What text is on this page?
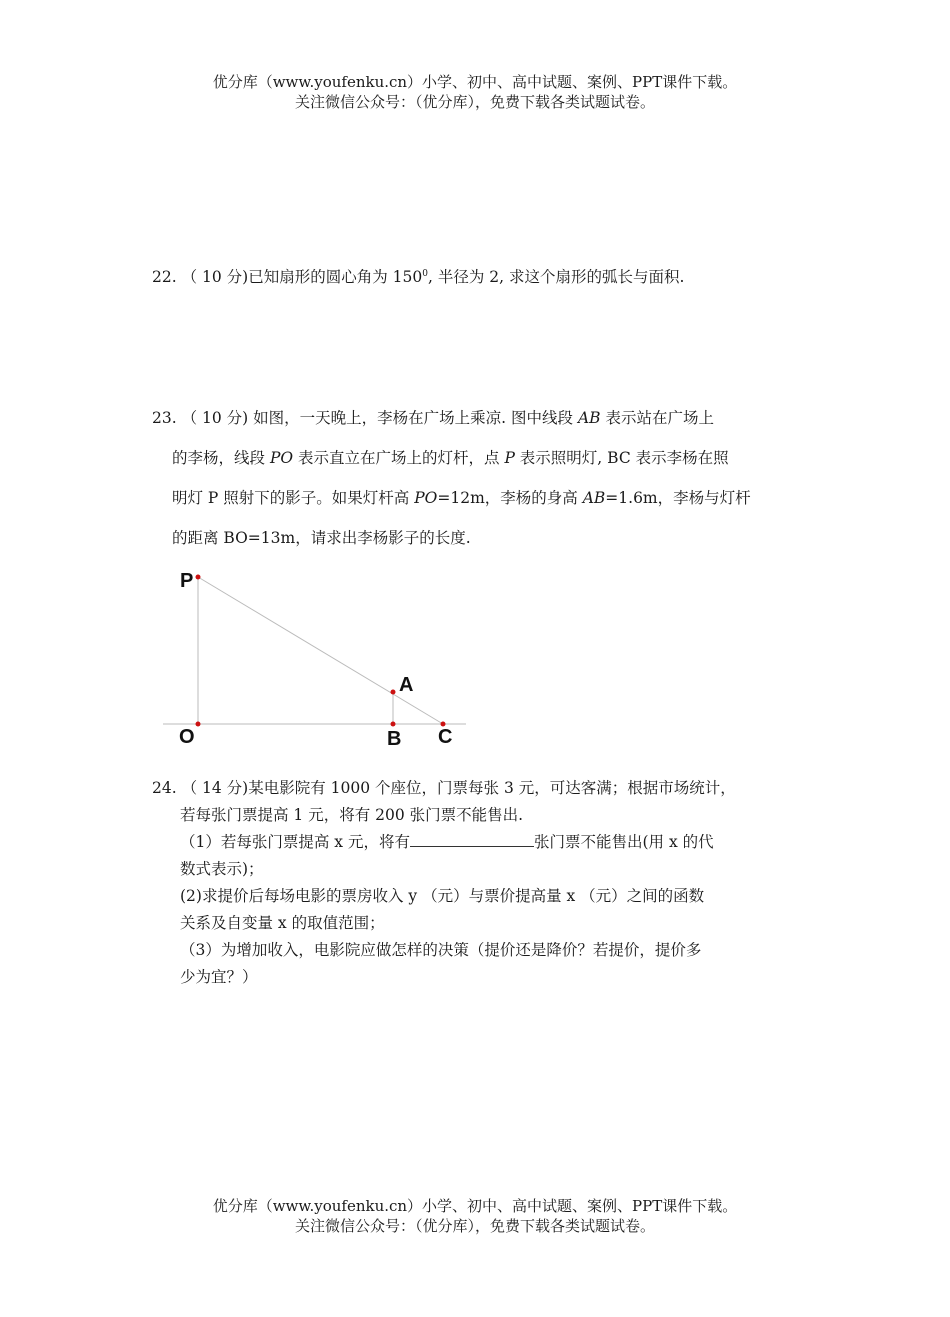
优分库（www.youfenku.cn）小学、初中、高中试题、案例、PPT课件下载。
关注微信公众号：（优分库），免费下载各类试题试卷。
22. （ 10 分)已知扇形的圆心角为 $150^0$, 半径为 2, 求这个扇形的弧长与面积.
23. （ 10 分) 如图，一天晚上，李杨在广场上乘凉. 图中线段 AB 表示站在广场上
的李杨，线段 PO 表示直立在广场上的灯杆，点 P 表示照明灯, BC 表示李杨在照
明灯 P 照射下的影子。如果灯杆高 PO=12m，李杨的身高 AB=1.6m，李杨与灯杆
的距离 BO=13m，请求出李杨影子的长度.
P
A
O	B C
24. （ 14 分)某电影院有 1000 个座位，门票每张 3 元，可达客满；根据市场统计，
若每张门票提高 1 元，将有 200 张门票不能售出.
（1）若每张门票提高 x 元，将有	张门票不能售出(用 x 的代
数式表示)；
(2)求提价后每场电影的票房收入 y （元）与票价提高量 x （元）之间的函数
关系及自变量 x 的取值范围；
（3）为增加收入，电影院应做怎样的决策（提价还是降价？若提价，提价多
少为宜？）
优分库（www.youfenku.cn）小学、初中、高中试题、案例、PPT课件下载。
关注微信公众号：（优分库），免费下载各类试题试卷。
